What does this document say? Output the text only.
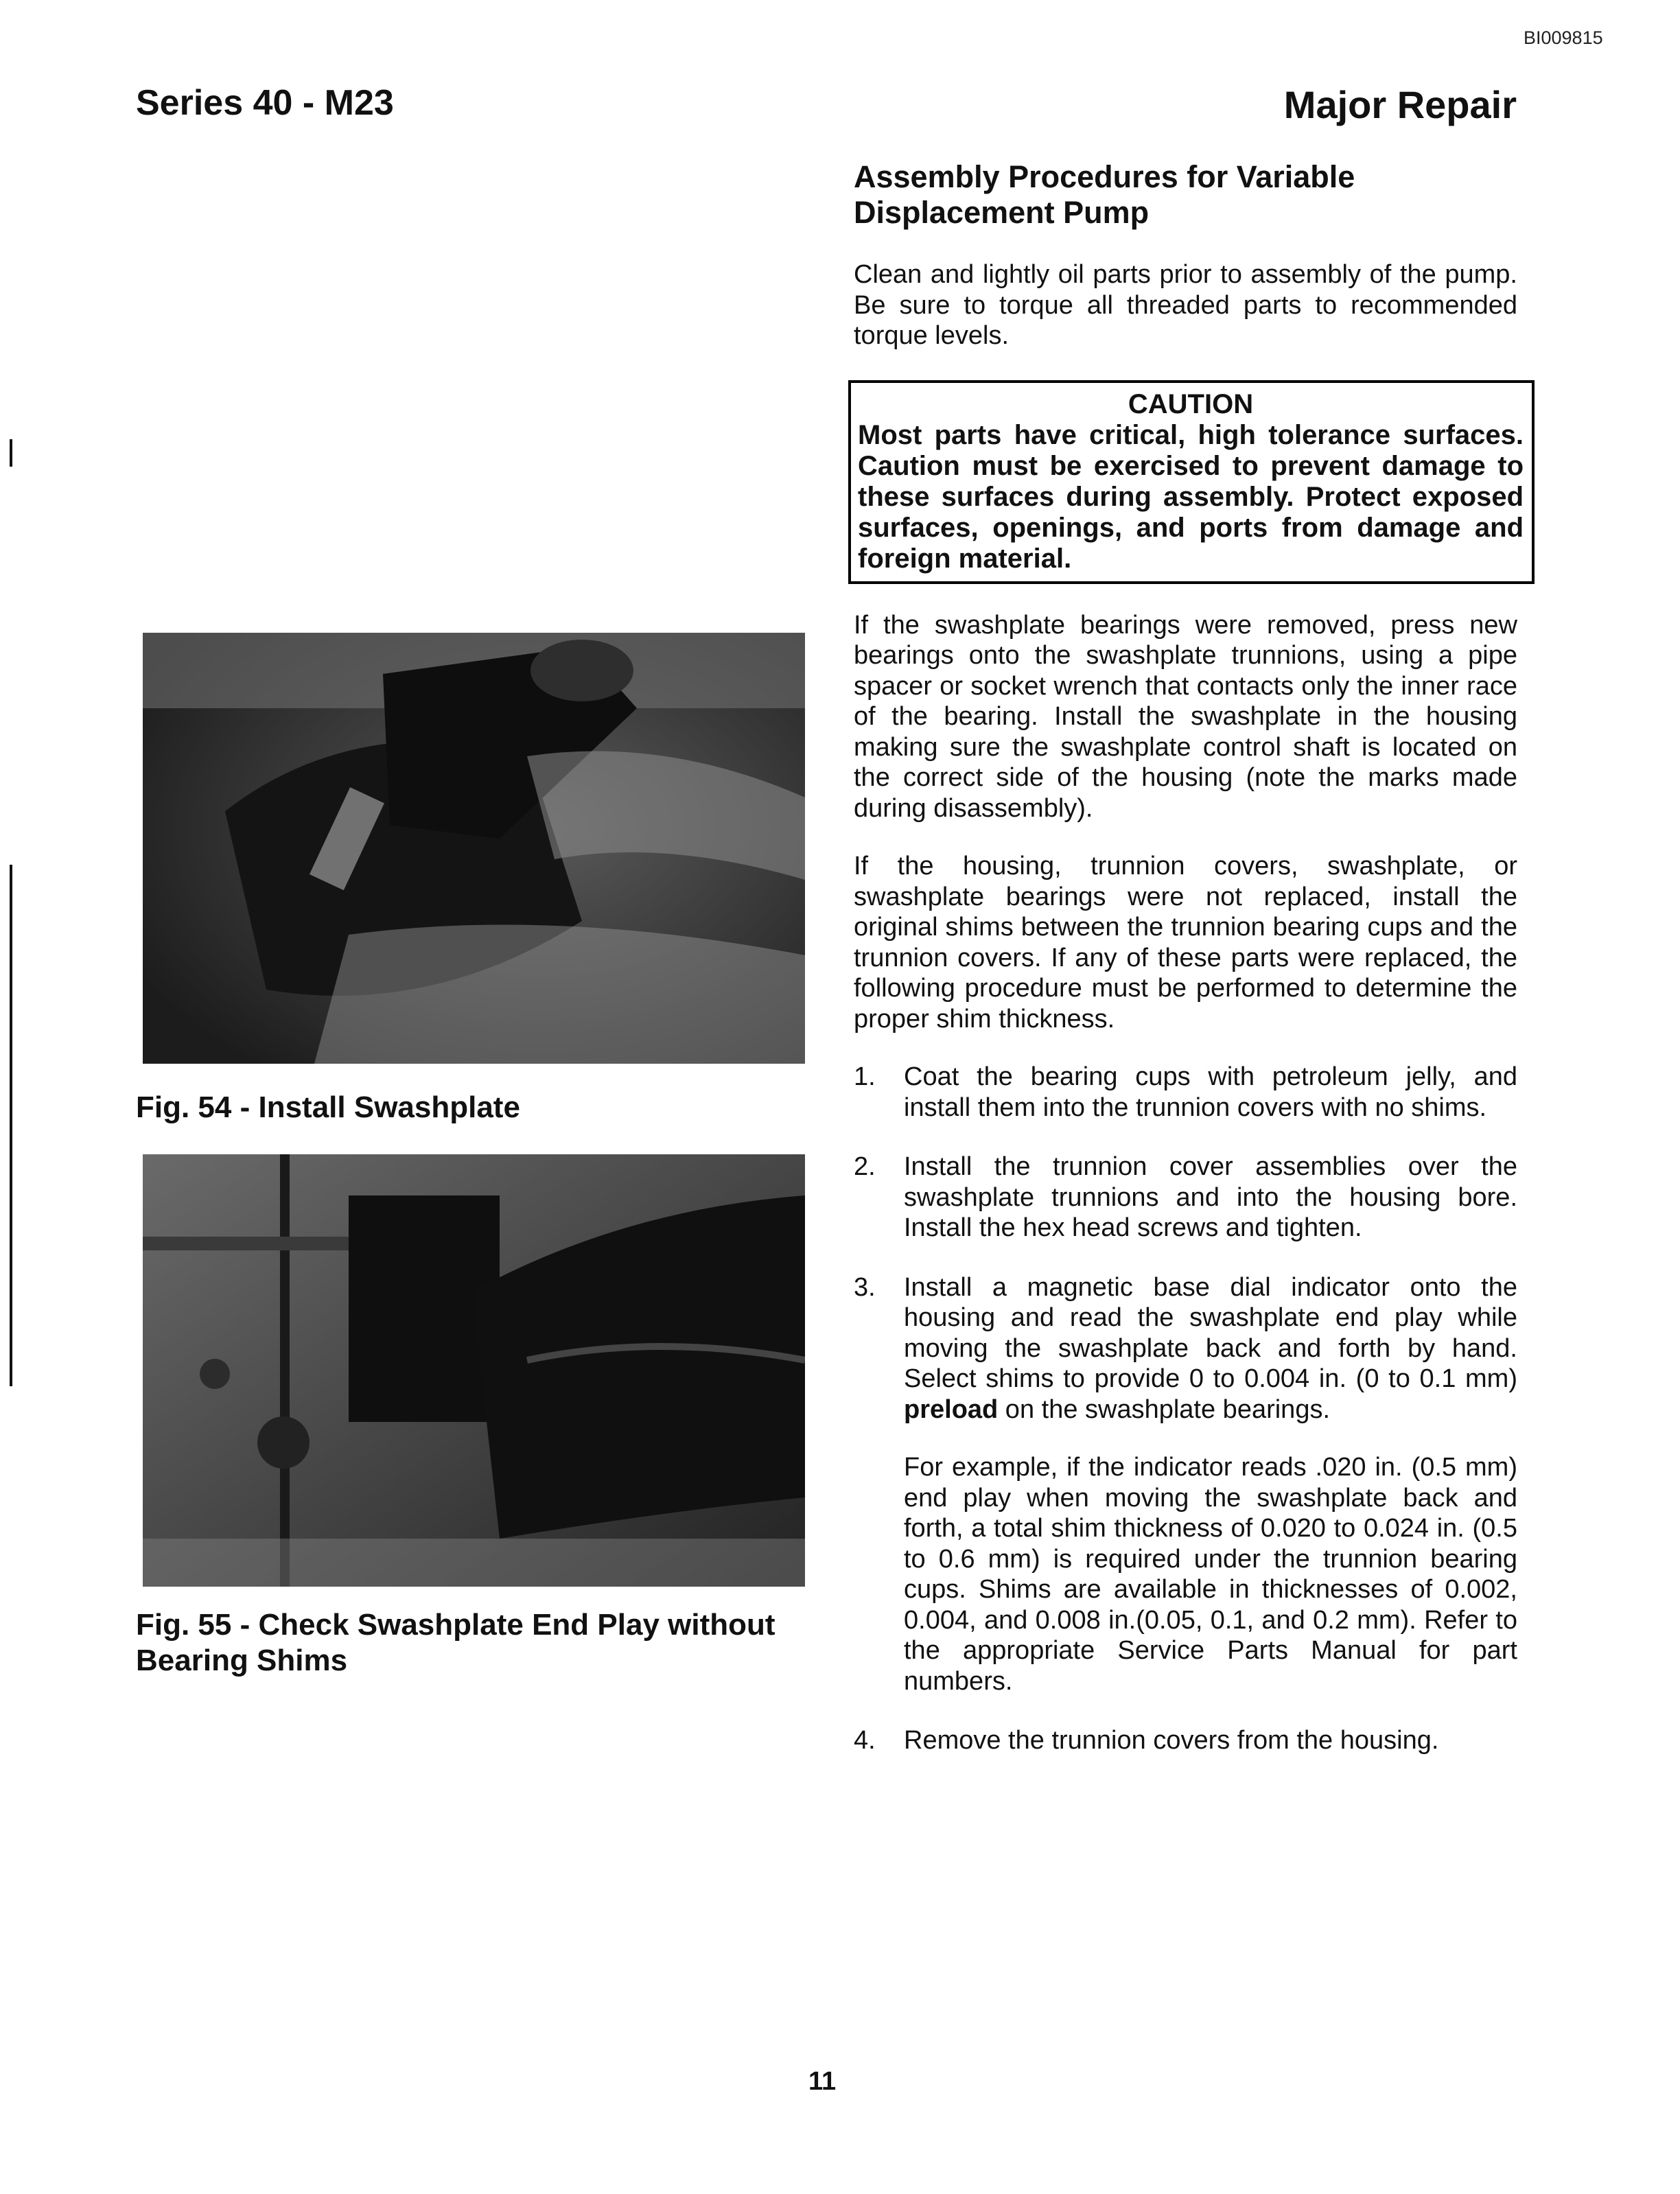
BI009815
Series 40 - M23	Major Repair
Assembly Procedures for Variable Displacement Pump

Clean and lightly oil parts prior to assembly of the pump. Be sure to torque all threaded parts to recommended torque levels.

CAUTION
Most parts have critical, high tolerance surfaces. Caution must be exercised to prevent damage to these surfaces during assembly. Protect exposed surfaces, openings, and ports from damage and foreign material.

If the swashplate bearings were removed, press new bearings onto the swashplate trunnions, using a pipe spacer or socket wrench that contacts only the inner race of the bearing. Install the swashplate in the housing making sure the swashplate control shaft is located on the correct side of the housing (note the marks made during disassembly).

If the housing, trunnion covers, swashplate, or swashplate bearings were not replaced, install the original shims between the trunnion bearing cups and the trunnion covers. If any of these parts were replaced, the following procedure must be performed to determine the proper shim thickness.

1.	Coat the bearing cups with petroleum jelly, and install them into the trunnion covers with no shims.

2.	Install the trunnion cover assemblies over the swashplate trunnions and into the housing bore. Install the hex head screws and tighten.

3.	Install a magnetic base dial indicator onto the housing and read the swashplate end play while moving the swashplate back and forth by hand. Select shims to provide 0 to 0.004 in. (0 to 0.1 mm) preload on the swashplate bearings.

For example, if the indicator reads .020 in. (0.5 mm) end play when moving the swashplate back and forth, a total shim thickness of 0.020 to 0.024 in. (0.5 to 0.6 mm) is required under the trunnion bearing cups. Shims are available in thicknesses of 0.002, 0.004, and 0.008 in.(0.05, 0.1, and 0.2 mm). Refer to the appropriate Service Parts Manual for part numbers.

4.	Remove the trunnion covers from the housing.

Fig. 54 - Install Swashplate
Fig. 55 - Check Swashplate End Play without Bearing Shims
11
